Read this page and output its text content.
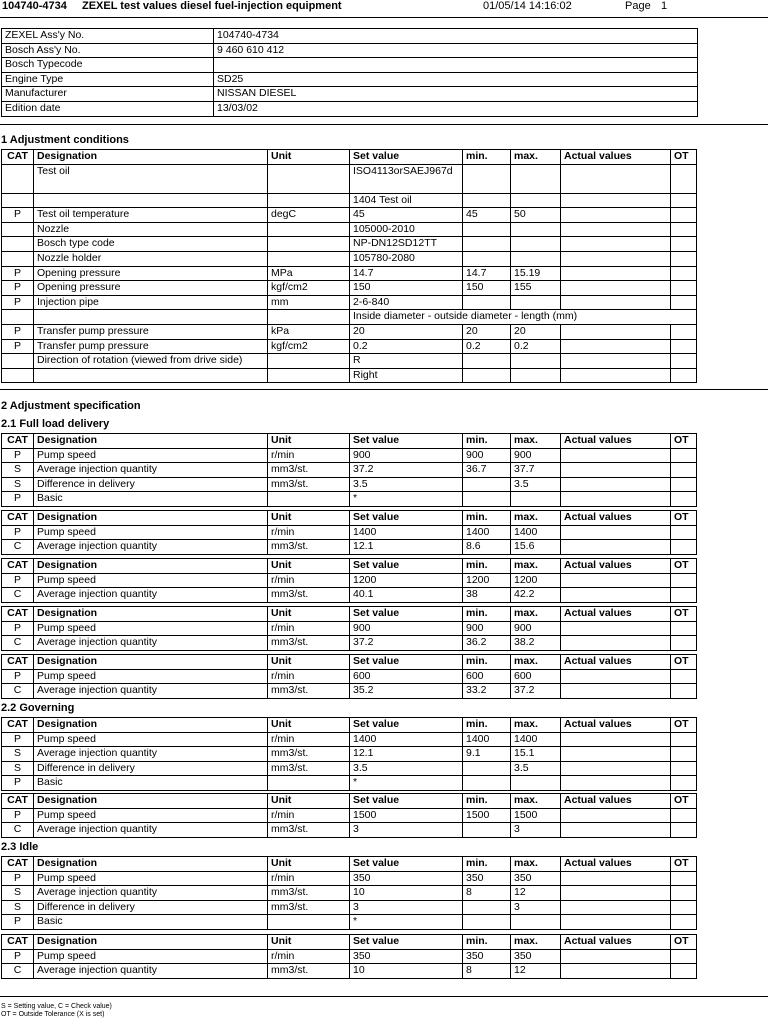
104740-4734 ZEXEL test values diesel fuel-injection equipment	01/05/14 14:16:02	Page 1
ZEXEL Ass'y No.	104740-4734
Bosch Ass'y No.	9 460 610 412
Bosch Typecode	
Engine Type	SD25
Manufacturer	NISSAN DIESEL
Edition date	13/03/02
1 Adjustment conditions
CAT	Designation	Unit	Set value	min.	max.	Actual values	OT
	Test oil		ISO4113orSAEJ967d				
			1404 Test oil				
P	Test oil temperature	degC	45	45	50		
	Nozzle		105000-2010				
	Bosch type code		NP-DN12SD12TT				
	Nozzle holder		105780-2080				
P	Opening pressure	MPa	14.7	14.7	15.19		
P	Opening pressure	kgf/cm2	150	150	155		
P	Injection pipe	mm	2-6-840				
			Inside diameter - outside diameter - length (mm)				
P	Transfer pump pressure	kPa	20	20	20		
P	Transfer pump pressure	kgf/cm2	0.2	0.2	0.2		
	Direction of rotation (viewed from drive side)		R				
			Right				
2 Adjustment specification
2.1 Full load delivery
CAT	Designation	Unit	Set value	min.	max.	Actual values	OT
P	Pump speed	r/min	900	900	900		
S	Average injection quantity	mm3/st.	37.2	36.7	37.7		
S	Difference in delivery	mm3/st.	3.5		3.5		
P	Basic		*				
CAT	Designation	Unit	Set value	min.	max.	Actual values	OT
P	Pump speed	r/min	1400	1400	1400		
C	Average injection quantity	mm3/st.	12.1	8.6	15.6		
CAT	Designation	Unit	Set value	min.	max.	Actual values	OT
P	Pump speed	r/min	1200	1200	1200		
C	Average injection quantity	mm3/st.	40.1	38	42.2		
CAT	Designation	Unit	Set value	min.	max.	Actual values	OT
P	Pump speed	r/min	900	900	900		
C	Average injection quantity	mm3/st.	37.2	36.2	38.2		
CAT	Designation	Unit	Set value	min.	max.	Actual values	OT
P	Pump speed	r/min	600	600	600		
C	Average injection quantity	mm3/st.	35.2	33.2	37.2		
2.2 Governing
CAT	Designation	Unit	Set value	min.	max.	Actual values	OT
P	Pump speed	r/min	1400	1400	1400		
S	Average injection quantity	mm3/st.	12.1	9.1	15.1		
S	Difference in delivery	mm3/st.	3.5		3.5		
P	Basic		*				
CAT	Designation	Unit	Set value	min.	max.	Actual values	OT
P	Pump speed	r/min	1500	1500	1500		
C	Average injection quantity	mm3/st.	3		3		
2.3 Idle
CAT	Designation	Unit	Set value	min.	max.	Actual values	OT
P	Pump speed	r/min	350	350	350		
S	Average injection quantity	mm3/st.	10	8	12		
S	Difference in delivery	mm3/st.	3		3		
P	Basic		*				
CAT	Designation	Unit	Set value	min.	max.	Actual values	OT
P	Pump speed	r/min	350	350	350		
C	Average injection quantity	mm3/st.	10	8	12		
S = Setting value, C = Check value)
OT = Outside Tolerance (X is set)
